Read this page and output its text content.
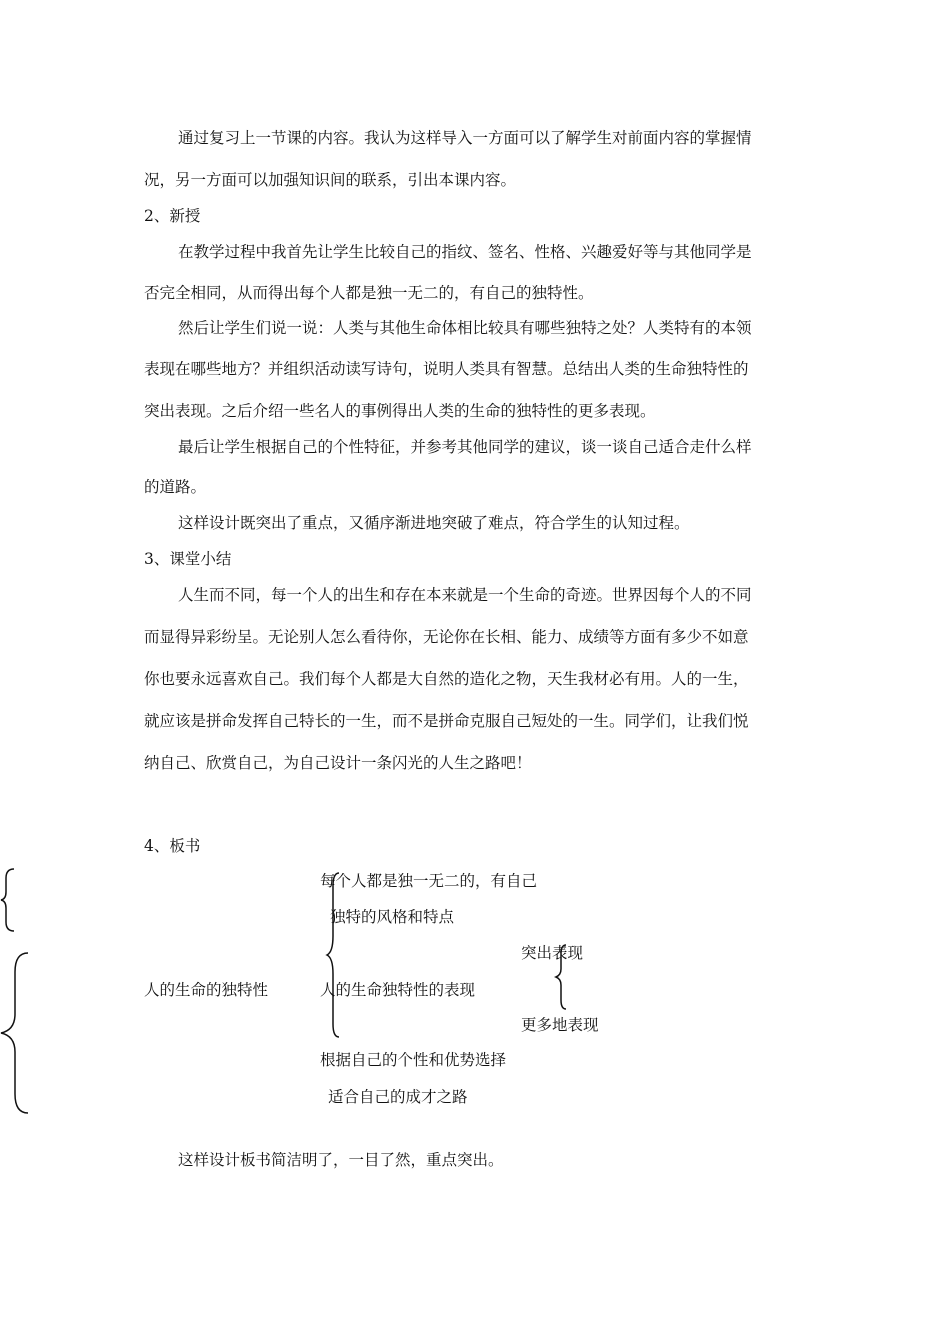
通过复习上一节课的内容。我认为这样导入一方面可以了解学生对前面内容的掌握情
况，另一方面可以加强知识间的联系，引出本课内容。
2、新授
在教学过程中我首先让学生比较自己的指纹、签名、性格、兴趣爱好等与其他同学是
否完全相同，从而得出每个人都是独一无二的，有自己的独特性。
然后让学生们说一说：人类与其他生命体相比较具有哪些独特之处？人类特有的本领
表现在哪些地方？并组织活动读写诗句，说明人类具有智慧。总结出人类的生命独特性的
突出表现。之后介绍一些名人的事例得出人类的生命的独特性的更多表现。
最后让学生根据自己的个性特征，并参考其他同学的建议，谈一谈自己适合走什么样
的道路。
这样设计既突出了重点，又循序渐进地突破了难点，符合学生的认知过程。
3、课堂小结
人生而不同，每一个人的出生和存在本来就是一个生命的奇迹。世界因每个人的不同
而显得异彩纷呈。无论别人怎么看待你，无论你在长相、能力、成绩等方面有多少不如意
你也要永远喜欢自己。我们每个人都是大自然的造化之物，天生我材必有用。人的一生，
就应该是拼命发挥自己特长的一生，而不是拼命克服自己短处的一生。同学们，让我们悦
纳自己、欣赏自己，为自己设计一条闪光的人生之路吧！
4、板书
人的生命的独特性
每个人都是独一无二的，有自己
独特的风格和特点
人的生命独特性的表现
根据自己的个性和优势选择
适合自己的成才之路
突出表现
更多地表现
这样设计板书简洁明了，一目了然，重点突出。
